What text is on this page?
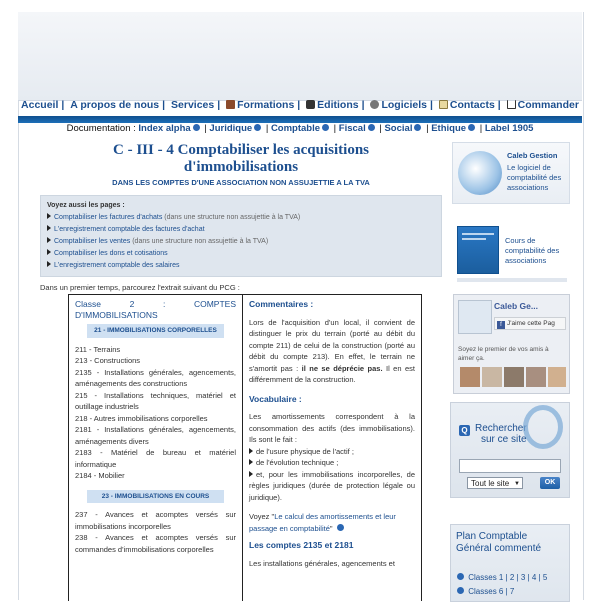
Accueil | A propos de nous | Services | Formations | Editions | Logiciels | Contacts | Commander
Documentation : Index alpha | Juridique | Comptable | Fiscal | Social | Ethique | Label 1905
C - III - 4 Comptabiliser les acquisitions
d'immobilisations
DANS LES COMPTES D'UNE ASSOCIATION NON ASSUJETTIE A LA TVA
Voyez aussi les pages :
Comptabiliser les factures d'achats (dans une structure non assujettie à la TVA)
L'enregistrement comptable des factures d'achat
Comptabiliser les ventes (dans une structure non assujettie à la TVA)
Comptabiliser les dons et cotisations
L'enregistrement comptable des salaires
Dans un premier temps, parcourez l'extrait suivant du PCG :
Classe 2 : COMPTES D'IMMOBILISATIONS
21 - IMMOBILISATIONS CORPORELLES
211 - Terrains
213 - Constructions
2135 - Installations générales, agencements, aménagements des constructions
215 - Installations techniques, matériel et outillage industriels
218 - Autres immobilisations corporelles
2181 - Installations générales, agencements, aménagements divers
2183 - Matériel de bureau et matériel informatique
2184 - Mobilier
23 - IMMOBILISATIONS EN COURS
237 - Avances et acomptes versés sur immobilisations incorporelles
238 - Avances et acomptes versés sur commandes d'immobilisations corporelles
Commentaires :
Lors de l'acquisition d'un local, il convient de distinguer le prix du terrain (porté au débit du compte 211) de celui de la construction (porté au débit du compte 213). En effet, le terrain ne s'amortit pas : il ne se déprécie pas. Il en est différemment de la construction.
Vocabulaire :
Les amortissements correspondent à la consommation des actifs (des immobilisations). Ils sont le fait :
de l'usure physique de l'actif ;
de l'évolution technique ;
et, pour les immobilisations incorporelles, de règles juridiques (durée de protection légale ou juridique).
Voyez "Le calcul des amortissements et leur passage en comptabilité"
Les comptes 2135 et 2181
Les installations générales, agencements et
Caleb Gestion
Le logiciel de comptabilité des associations
Cours de comptabilité des associations
Caleb Ge...
f J'aime cette Pag
Soyez le premier de vos amis à aimer ça.
Q Rechercher
sur ce site
Tout le site ▼	OK
Plan Comptable Général commenté
Classes 1 | 2 | 3 | 4 | 5
Classes 6 | 7
